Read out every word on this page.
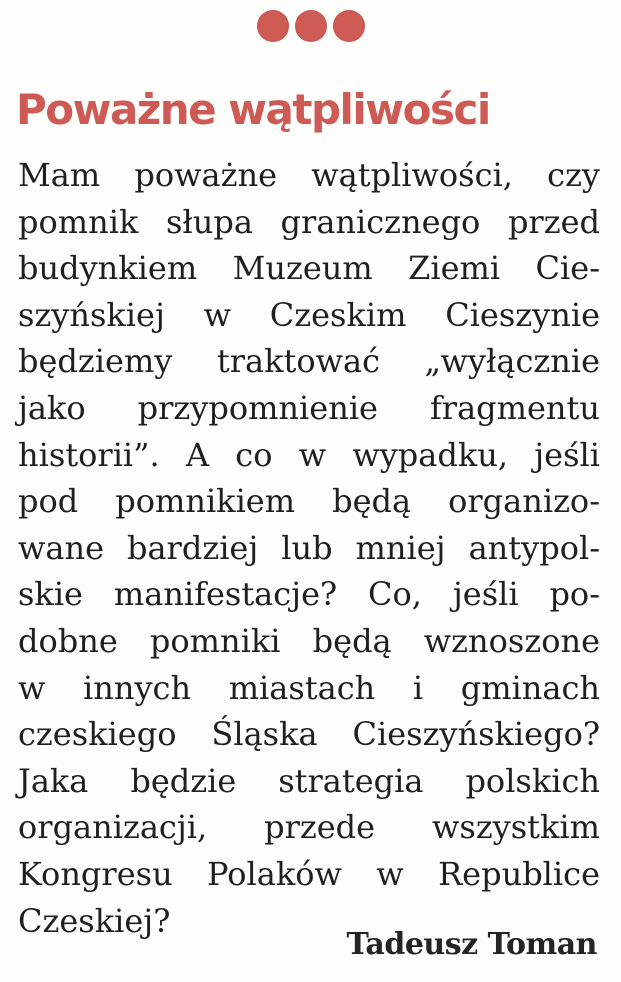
Poważne wątpliwości
Mam poważne wątpliwości, czy
pomnik słupa granicznego przed
budynkiem Muzeum Ziemi Cie-
szyńskiej w Czeskim Cieszynie
będziemy traktować „wyłącznie
jako przypomnienie fragmentu
historii”. A co w wypadku, jeśli
pod pomnikiem będą organizo-
wane bardziej lub mniej antypol-
skie manifestacje? Co, jeśli po-
dobne pomniki będą wznoszone
w innych miastach i gminach
czeskiego Śląska Cieszyńskiego?
Jaka będzie strategia polskich
organizacji, przede wszystkim
Kongresu Polaków w Republice
Czeskiej?

Tadeusz Toman
